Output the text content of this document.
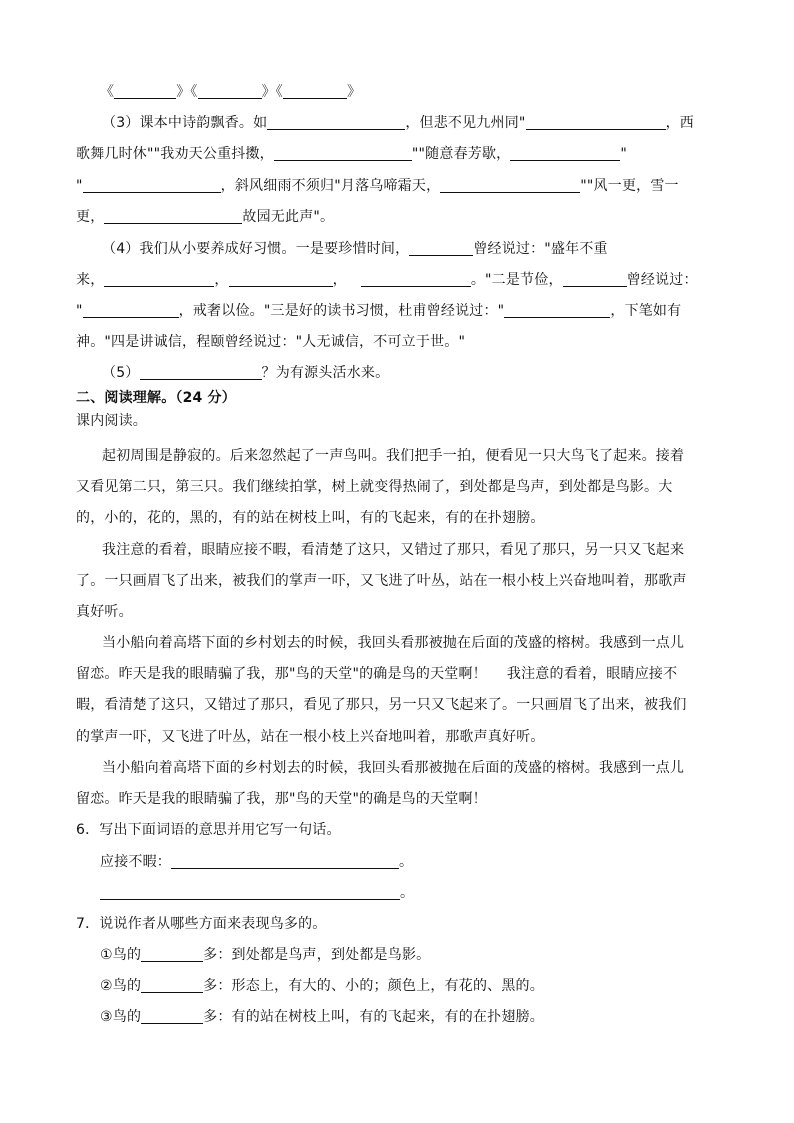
《	》《	》《	》
（3）课本中诗韵飘香。如	，但悲不见九州同"	，西
歌舞几时休""我劝天公重抖擞，	""随意春芳歇，	"
"	，斜风细雨不须归"月落乌啼霜天，	""风一更，雪一
更，	故园无此声"。
（4）我们从小要养成好习惯。一是要珍惜时间，	曾经说过："盛年不重
来，	，	，	。"二是节俭，	曾经说过：
"	，戒奢以俭。"三是好的读书习惯，杜甫曾经说过："	，下笔如有
神。"四是讲诚信，程颐曾经说过："人无诚信，不可立于世。"
（5）	？为有源头活水来。
二、阅读理解。（24 分）
课内阅读。
起初周围是静寂的。后来忽然起了一声鸟叫。我们把手一拍，便看见一只大鸟飞了起来。接着
又看见第二只，第三只。我们继续拍掌，树上就变得热闹了，到处都是鸟声，到处都是鸟影。大
的，小的，花的，黑的，有的站在树枝上叫，有的飞起来，有的在扑翅膀。
我注意的看着，眼睛应接不暇，看清楚了这只，又错过了那只，看见了那只，另一只又飞起来
了。一只画眉飞了出来，被我们的掌声一吓，又飞进了叶丛，站在一根小枝上兴奋地叫着，那歌声
真好听。
当小船向着高塔下面的乡村划去的时候，我回头看那被抛在后面的茂盛的榕树。我感到一点儿
留恋。昨天是我的眼睛骗了我，那"鸟的天堂"的确是鸟的天堂啊！ 我注意的看着，眼睛应接不
暇，看清楚了这只，又错过了那只，看见了那只，另一只又飞起来了。一只画眉飞了出来，被我们
的掌声一吓，又飞进了叶丛，站在一根小枝上兴奋地叫着，那歌声真好听。
当小船向着高塔下面的乡村划去的时候，我回头看那被抛在后面的茂盛的榕树。我感到一点儿
留恋。昨天是我的眼睛骗了我，那"鸟的天堂"的确是鸟的天堂啊！
6．写出下面词语的意思并用它写一句话。
应接不暇：	。
。
7．说说作者从哪些方面来表现鸟多的。
①鸟的	多：到处都是鸟声，到处都是鸟影。
②鸟的	多：形态上，有大的、小的；颜色上，有花的、黑的。
③鸟的	多：有的站在树枝上叫，有的飞起来，有的在扑翅膀。
